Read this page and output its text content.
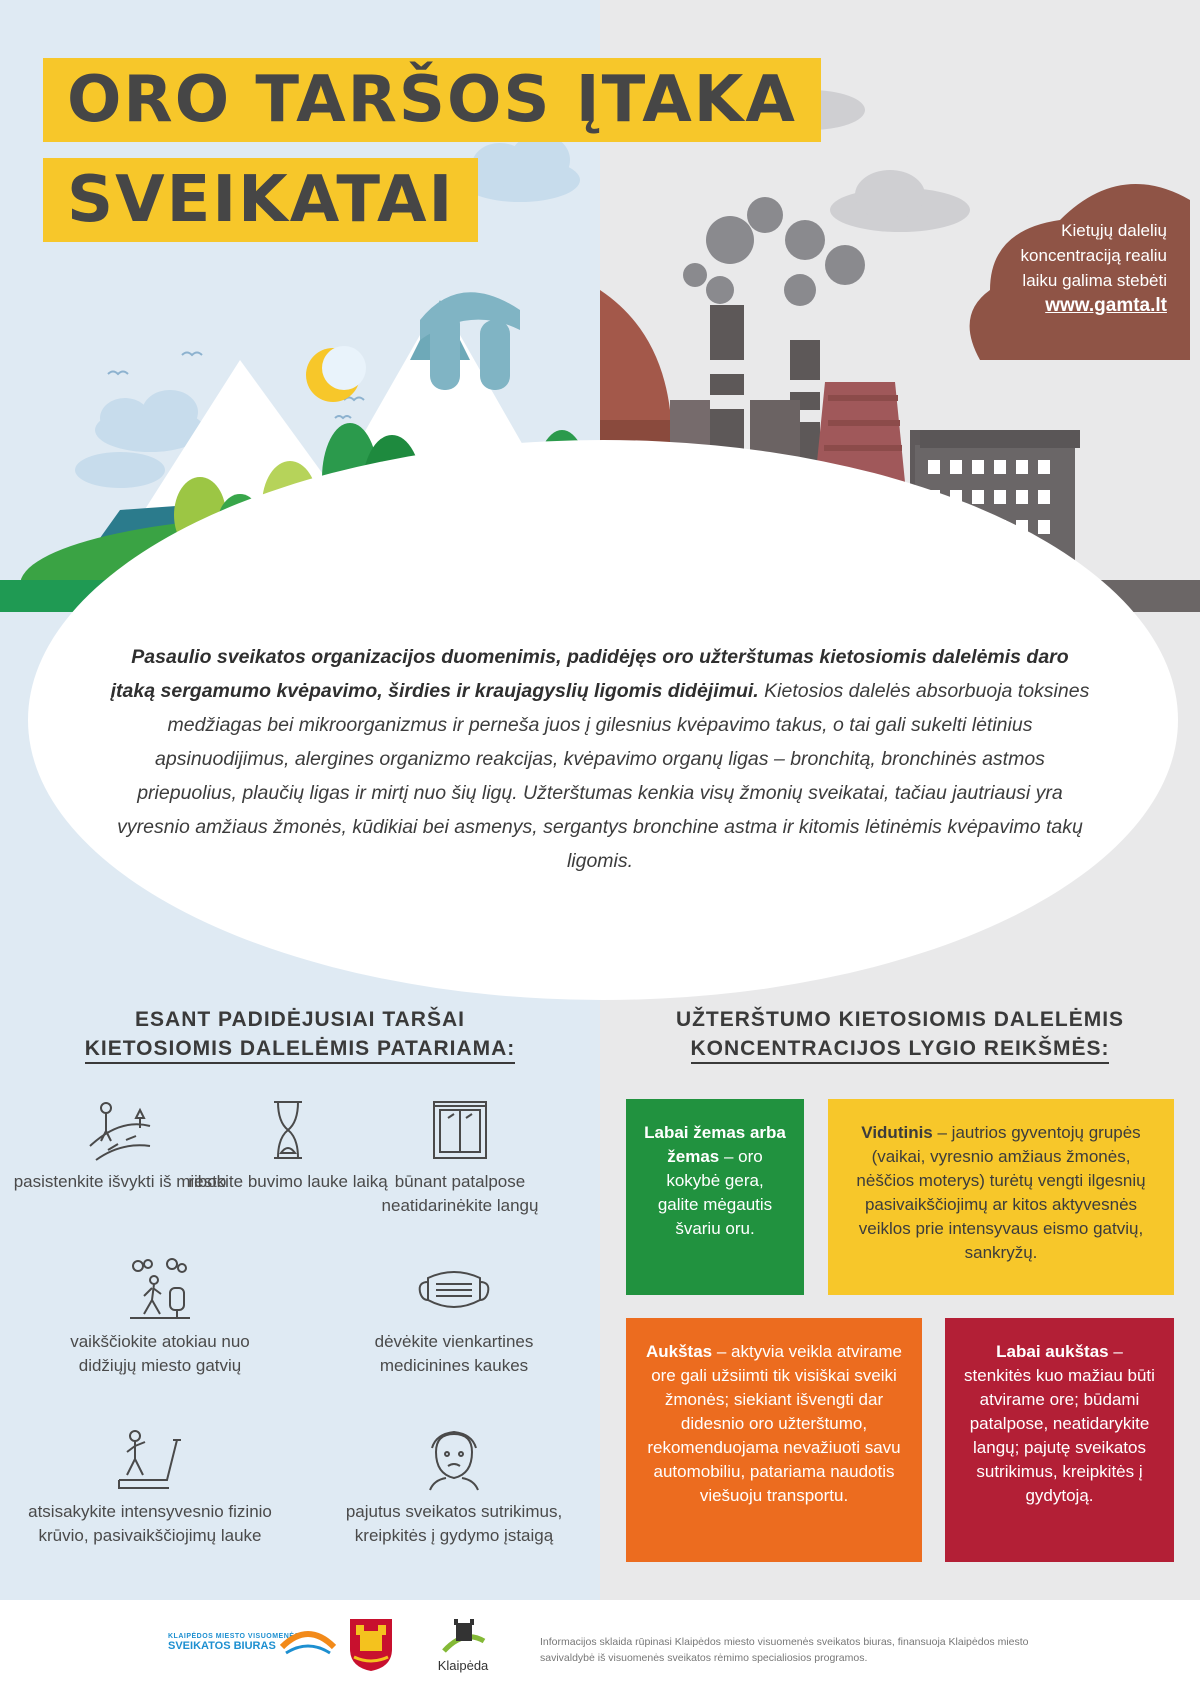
ORO TARŠOS ĮTAKA
SVEIKATAI	Kietųjų dalelių koncentraciją realiu laiku galima stebėti
www.gamta.lt
Pasaulio sveikatos organizacijos duomenimis, padidėjęs oro užterštumas kietosiomis dalelėmis daro įtaką sergamumo kvėpavimo, širdies ir kraujagyslių ligomis didėjimui. Kietosios dalelės absorbuoja toksines medžiagas bei mikroorganizmus ir perneša juos į gilesnius kvėpavimo takus, o tai gali sukelti lėtinius apsinuodijimus, alergines organizmo reakcijas, kvėpavimo organų ligas – bronchitą, bronchinės astmos priepuolius, plaučių ligas ir mirtį nuo šių ligų. Užterštumas kenkia visų žmonių sveikatai, tačiau jautriausi yra vyresnio amžiaus žmonės, kūdikiai bei asmenys, sergantys bronchine astma ir kitomis lėtinėmis kvėpavimo takų ligomis.
ESANT PADIDĖJUSIAI TARŠAI
KIETOSIOMIS DALELĖMIS PATARIAMA:
UŽTERŠTUMO KIETOSIOMIS DALELĖMIS
KONCENTRACIJOS LYGIO REIKŠMĖS:
pasistenkite išvykti iš miesto
ribokite buvimo lauke laiką būnant patalpose neatidarinėkite langų
vaikščiokite atokiau nuo didžiųjų miesto gatvių
dėvėkite vienkartines medicinines kaukes
atsisakykite intensyvesnio fizinio krūvio, pasivaikščiojimų lauke
pajutus sveikatos sutrikimus, kreipkitės į gydymo įstaigą
Labai žemas arba žemas – oro kokybė gera, galite mėgautis švariu oru.
Vidutinis – jautrios gyventojų grupės (vaikai, vyresnio amžiaus žmonės, nėščios moterys) turėtų vengti ilgesnių pasivaikščiojimų ar kitos aktyvesnės veiklos prie intensyvaus eismo gatvių, sankryžų.
Aukštas – aktyvia veikla atvirame ore gali užsiimti tik visiškai sveiki žmonės; siekiant išvengti dar didesnio oro užterštumo, rekomenduojama nevažiuoti savu automobiliu, patariama naudotis viešuoju transportu.
Labai aukštas – stenkitės kuo mažiau būti atvirame ore; būdami patalpose, neatidarykite langų; pajutę sveikatos sutrikimus, kreipkitės į gydytoją.
KLAIPĖDOS MIESTO VISUOMENĖS
SVEIKATOS BIURAS
Klaipėda
Informacijos sklaida rūpinasi Klaipėdos miesto visuomenės sveikatos biuras, finansuoja Klaipėdos miesto savivaldybė iš visuomenės sveikatos rėmimo specialiosios programos.
